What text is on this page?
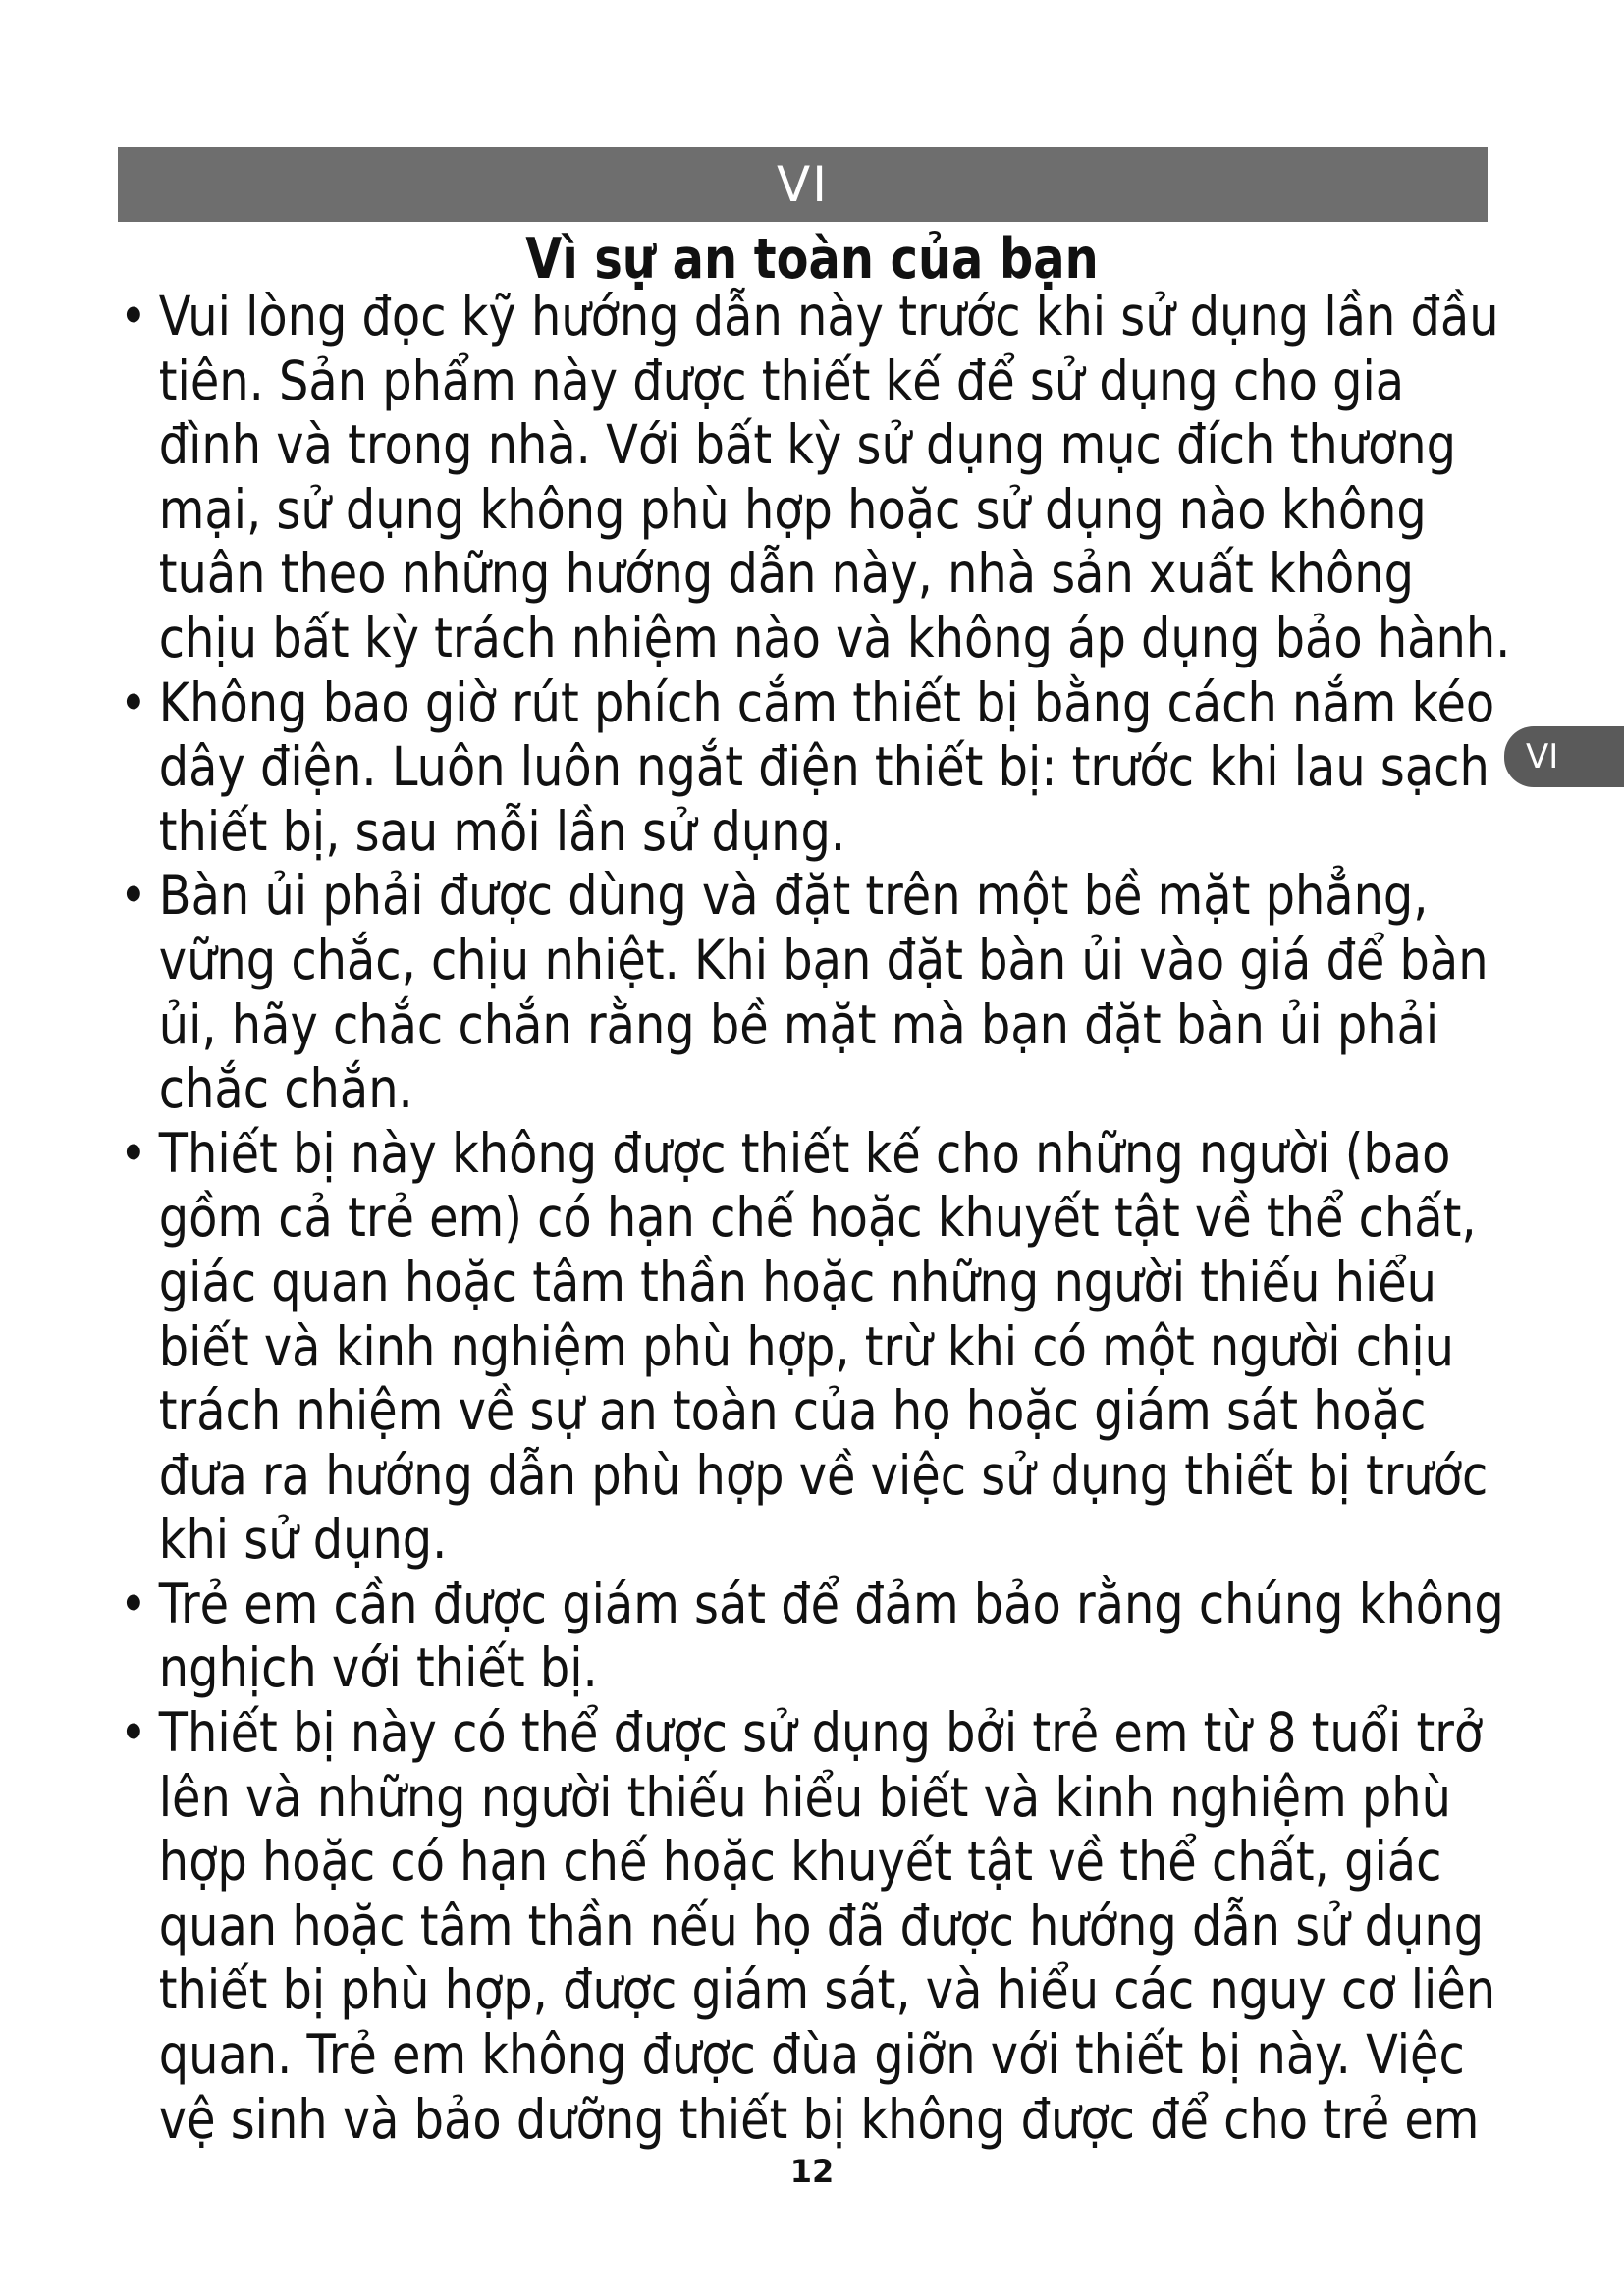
VI
Vì sự an toàn của bạn
• Vui lòng đọc kỹ hướng dẫn này trước khi sử dụng lần đầu tiên. Sản phẩm này được thiết kế để sử dụng cho gia đình và trong nhà. Với bất kỳ sử dụng mục đích thương mại, sử dụng không phù hợp hoặc sử dụng nào không tuân theo những hướng dẫn này, nhà sản xuất không chịu bất kỳ trách nhiệm nào và không áp dụng bảo hành.
• Không bao giờ rút phích cắm thiết bị bằng cách nắm kéo dây điện. Luôn luôn ngắt điện thiết bị: trước khi lau sạch thiết bị, sau mỗi lần sử dụng.
• Bàn ủi phải được dùng và đặt trên một bề mặt phẳng, vững chắc, chịu nhiệt. Khi bạn đặt bàn ủi vào giá để bàn ủi, hãy chắc chắn rằng bề mặt mà bạn đặt bàn ủi phải chắc chắn.
• Thiết bị này không được thiết kế cho những người (bao gồm cả trẻ em) có hạn chế hoặc khuyết tật về thể chất, giác quan hoặc tâm thần hoặc những người thiếu hiểu biết và kinh nghiệm phù hợp, trừ khi có một người chịu trách nhiệm về sự an toàn của họ hoặc giám sát hoặc đưa ra hướng dẫn phù hợp về việc sử dụng thiết bị trước khi sử dụng.
• Trẻ em cần được giám sát để đảm bảo rằng chúng không nghịch với thiết bị.
• Thiết bị này có thể được sử dụng bởi trẻ em từ 8 tuổi trở lên và những người thiếu hiểu biết và kinh nghiệm phù hợp hoặc có hạn chế hoặc khuyết tật về thể chất, giác quan hoặc tâm thần nếu họ đã được hướng dẫn sử dụng thiết bị phù hợp, được giám sát, và hiểu các nguy cơ liên quan. Trẻ em không được đùa giỡn với thiết bị này. Việc vệ sinh và bảo dưỡng thiết bị không được để cho trẻ em
VI
12
